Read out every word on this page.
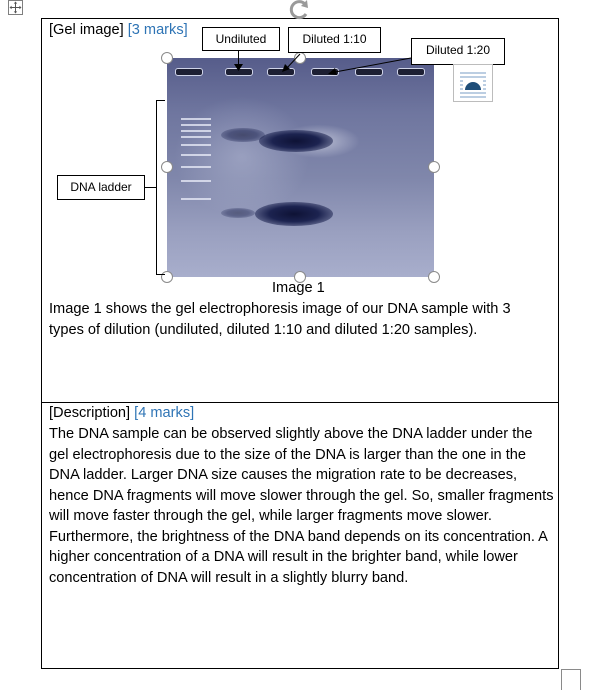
[Gel image] [3 marks]
Undiluted	Diluted 1:10
Diluted 1:20
DNA ladder
Image 1
Image 1 shows the gel electrophoresis image of our DNA sample with 3 types of dilution (undiluted, diluted 1:10 and diluted 1:20 samples).
[Description] [4 marks]
The DNA sample can be observed slightly above the DNA ladder under the gel electrophoresis due to the size of the DNA is larger than the one in the DNA ladder. Larger DNA size causes the migration rate to be decreases, hence DNA fragments will move slower through the gel. So, smaller fragments will move faster through the gel, while larger fragments move slower. Furthermore, the brightness of the DNA band depends on its concentration. A higher concentration of a DNA will result in the brighter band, while lower concentration of DNA will result in a slightly blurry band.
